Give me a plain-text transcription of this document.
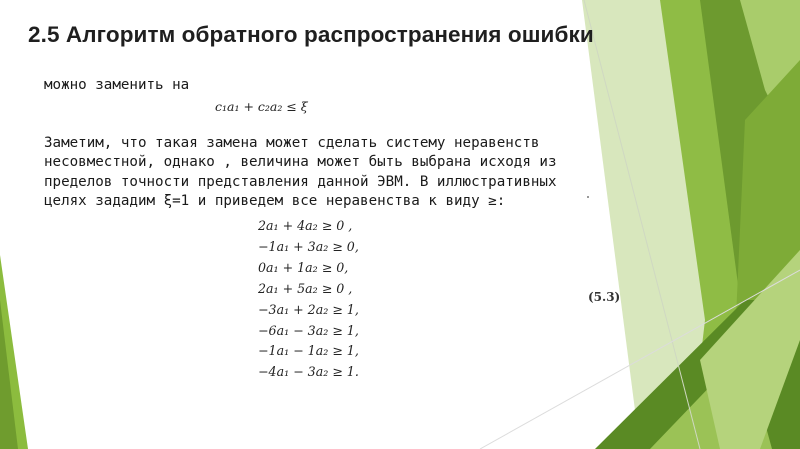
2.5 Алгоритм обратного распространения ошибки
можно заменить на
c₁a₁ + c₂a₂ ≤ ξ
Заметим, что такая замена может сделать систему неравенств
несовместной, однако , величина может быть выбрана исходя из
пределов точности представления данной ЭВМ. В иллюстративных
целях зададим ξ=1 и приведем все неравенства к виду ≥:
2a₁ + 4a₂ ≥ 0 ,
−1a₁ + 3a₂ ≥ 0,
0a₁ + 1a₂ ≥ 0,
2a₁ + 5a₂ ≥ 0 ,
−3a₁ + 2a₂ ≥ 1,
−6a₁ − 3a₂ ≥ 1,
−1a₁ − 1a₂ ≥ 1,
−4a₁ − 3a₂ ≥ 1.
(5.3)
